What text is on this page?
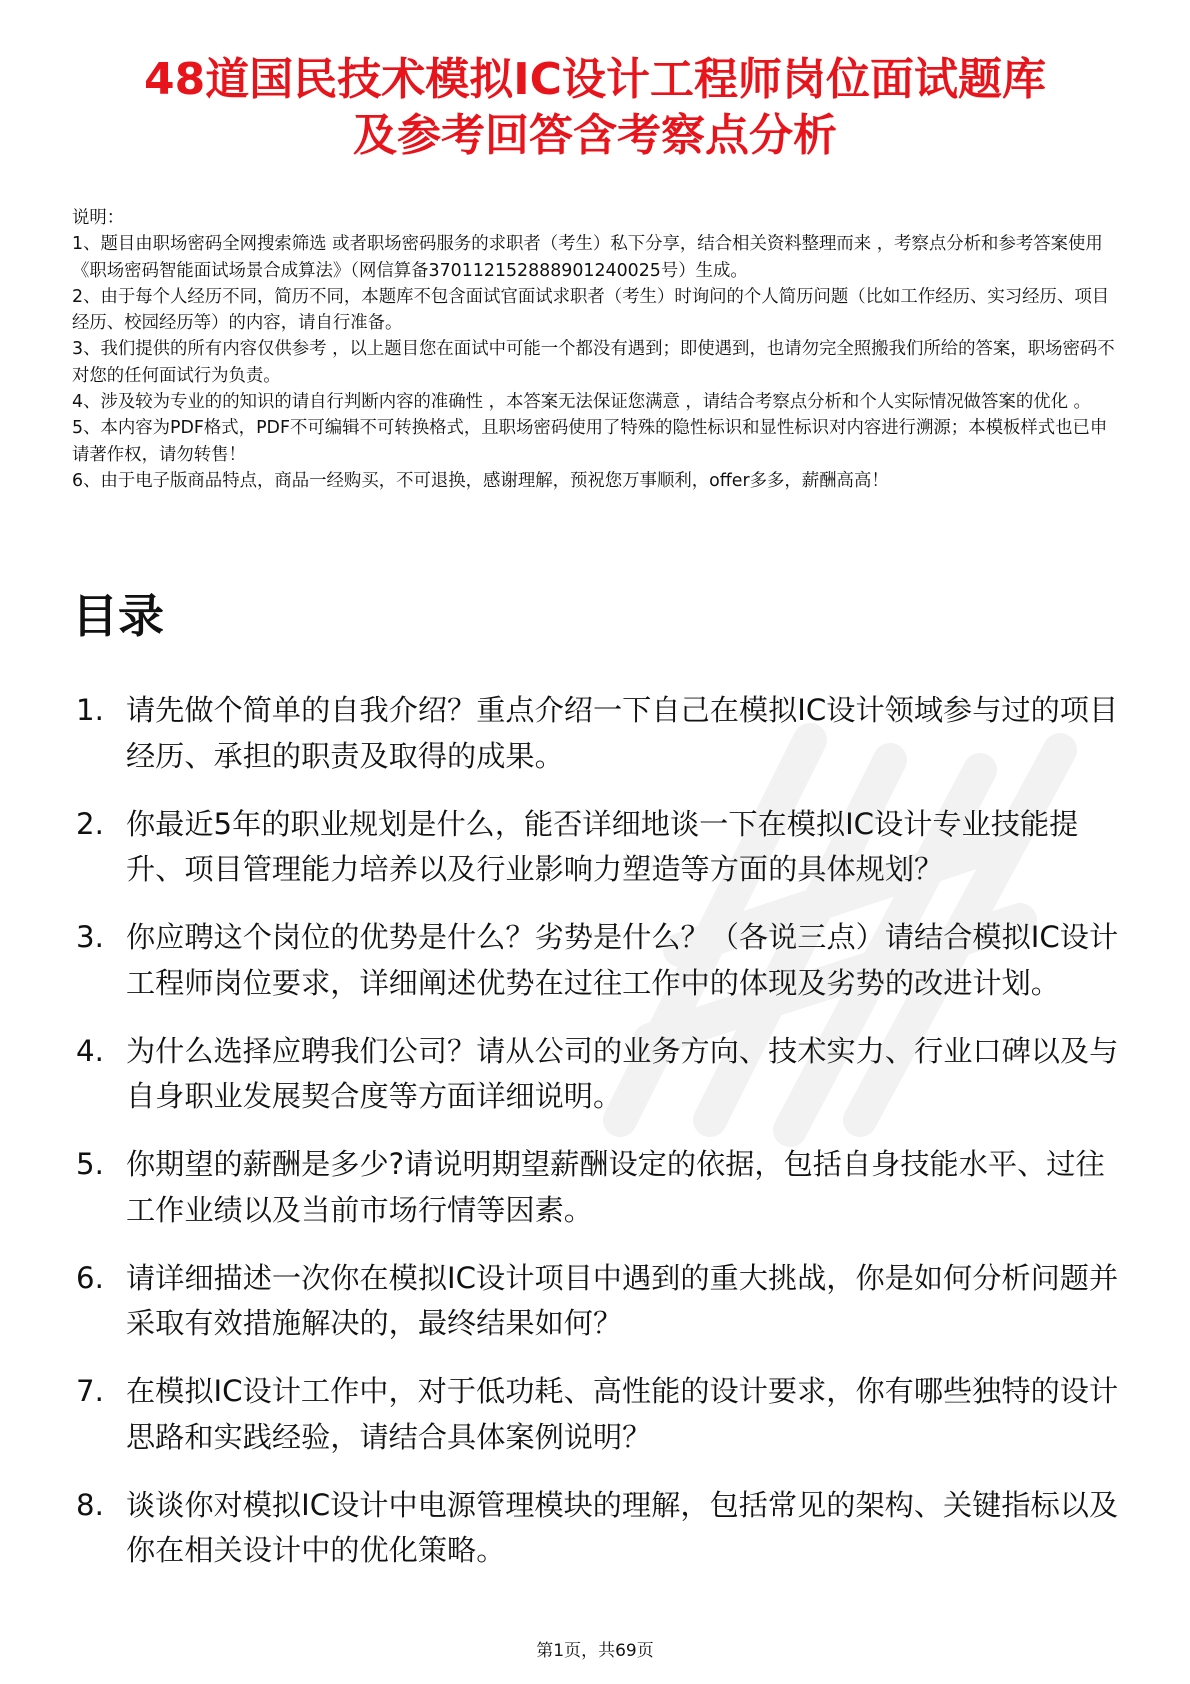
48道国民技术模拟IC设计工程师岗位面试题库
及参考回答含考察点分析

说明：

1、题目由职场密码全网搜索筛选 或者职场密码服务的求职者（考生）私下分享，结合相关资料整理而来 ，考察点分析和参考答案使用《职场密码智能面试场景合成算法》（网信算备370112152888901240025号）生成。

2、由于每个人经历不同，简历不同，本题库不包含面试官面试求职者（考生）时询问的个人简历问题（比如工作经历、实习经历、项目经历、校园经历等）的内容，请自行准备。

3、我们提供的所有内容仅供参考 ，以上题目您在面试中可能一个都没有遇到；即使遇到，也请勿完全照搬我们所给的答案，职场密码不对您的任何面试行为负责。

4、涉及较为专业的的知识的请自行判断内容的准确性 ，本答案无法保证您满意 ，请结合考察点分析和个人实际情况做答案的优化 。

5、本内容为PDF格式，PDF不可编辑不可转换格式，且职场密码使用了特殊的隐性标识和显性标识对内容进行溯源；本模板样式也已申请著作权，请勿转售！

6、由于电子版商品特点，商品一经购买，不可退换，感谢理解，预祝您万事顺利，offer多多，薪酬高高！

目录
1. 请先做个简单的自我介绍？重点介绍一下自己在模拟IC设计领域参与过的项目经历、承担的职责及取得的成果。
2. 你最近5年的职业规划是什么，能否详细地谈一下在模拟IC设计专业技能提升、项目管理能力培养以及行业影响力塑造等方面的具体规划？
3. 你应聘这个岗位的优势是什么？劣势是什么？（各说三点）请结合模拟IC设计工程师岗位要求，详细阐述优势在过往工作中的体现及劣势的改进计划。
4. 为什么选择应聘我们公司？请从公司的业务方向、技术实力、行业口碑以及与自身职业发展契合度等方面详细说明。
5. 你期望的薪酬是多少?请说明期望薪酬设定的依据，包括自身技能水平、过往工作业绩以及当前市场行情等因素。
6. 请详细描述一次你在模拟IC设计项目中遇到的重大挑战，你是如何分析问题并采取有效措施解决的，最终结果如何？
7. 在模拟IC设计工作中，对于低功耗、高性能的设计要求，你有哪些独特的设计思路和实践经验，请结合具体案例说明？
8. 谈谈你对模拟IC设计中电源管理模块的理解，包括常见的架构、关键指标以及你在相关设计中的优化策略。
第1页，共69页
